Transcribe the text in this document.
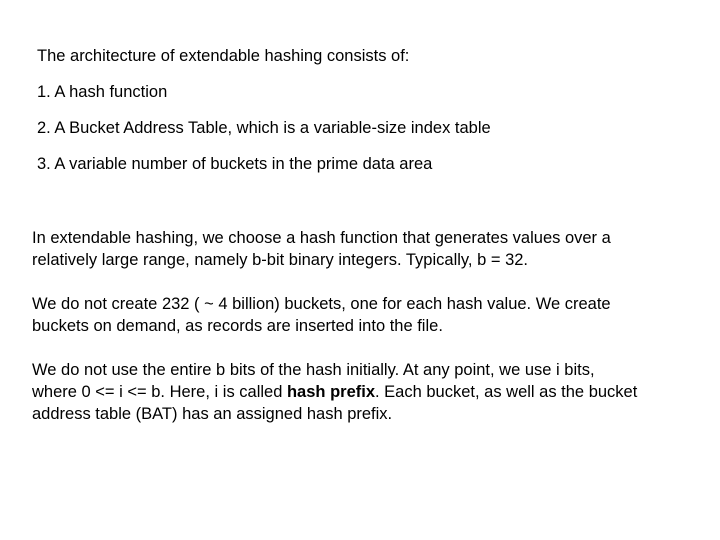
The architecture of extendable hashing consists of:

1. A hash function

2. A Bucket Address Table, which is a variable-size index table

3. A variable number of buckets in the prime data area

In extendable hashing, we choose a hash function that generates values over a
relatively large range, namely b-bit binary integers. Typically, b = 32.

We do not create 232 ( ~ 4 billion) buckets, one for each hash value. We create
buckets on demand, as records are inserted into the file.

We do not use the entire b bits of the hash initially. At any point, we use i bits,
where 0 <= i <= b. Here, i is called hash prefix. Each bucket, as well as the bucket
address table (BAT) has an assigned hash prefix.
